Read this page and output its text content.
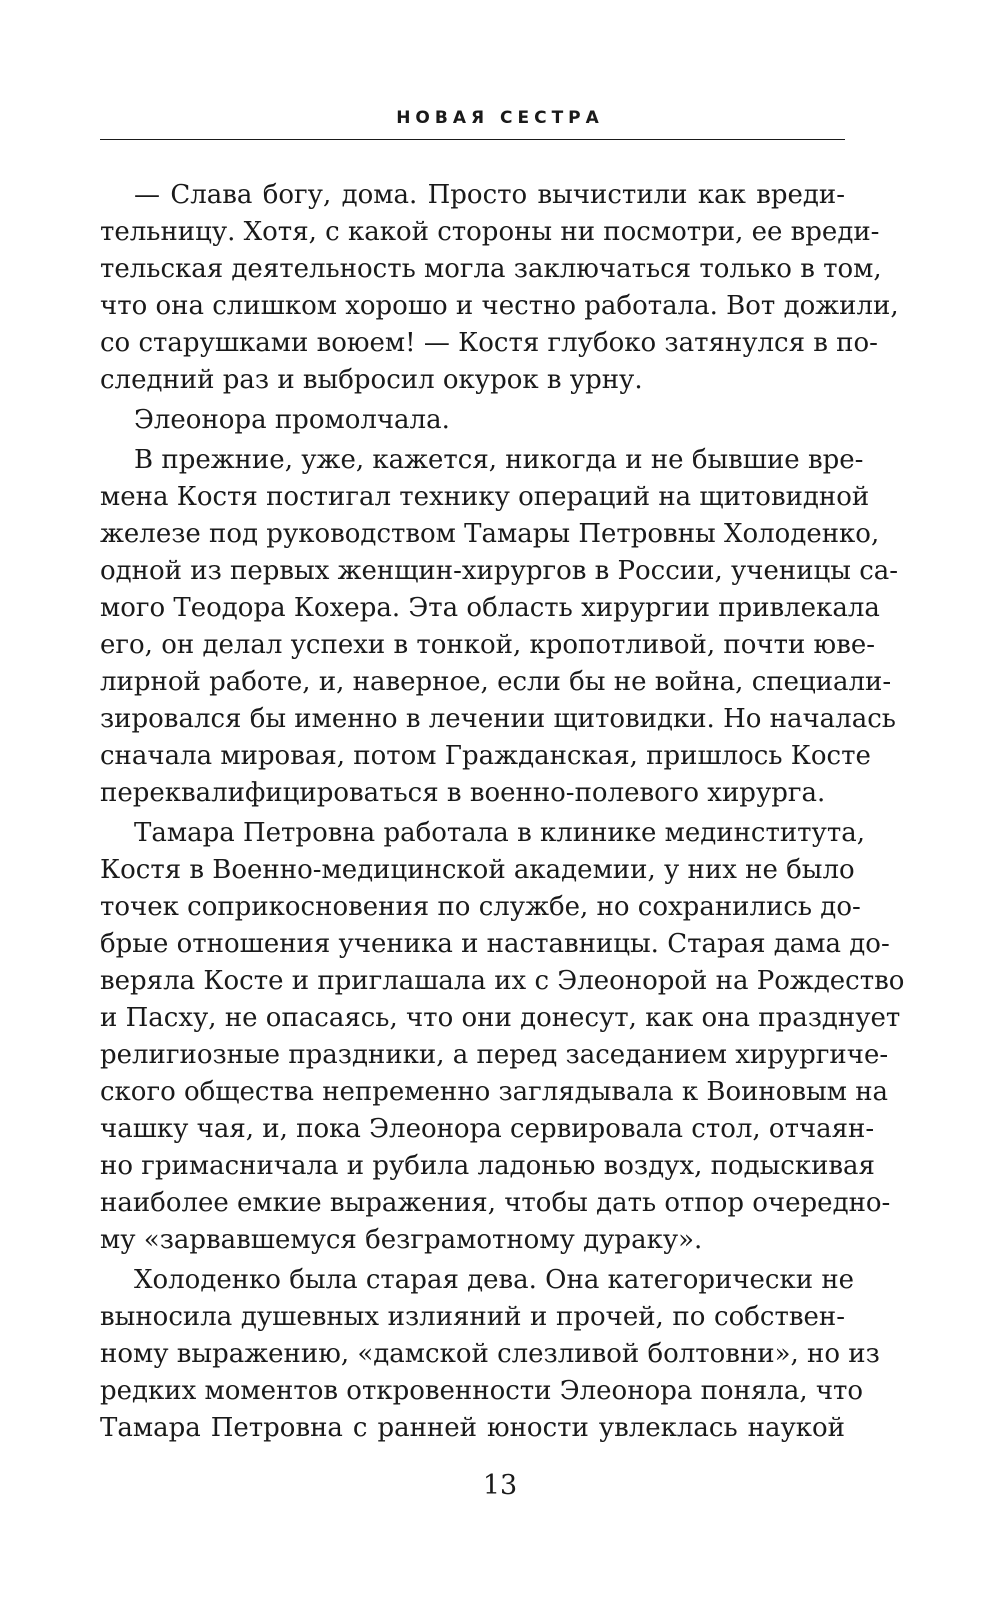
НОВАЯ СЕСТРА
— Слава богу, дома. Просто вычистили как вреди-
тельницу. Хотя, с какой стороны ни посмотри, ее вреди-
тельская деятельность могла заключаться только в том,
что она слишком хорошо и честно работала. Вот дожили,
со старушками воюем! — Костя глубоко затянулся в по-
следний раз и выбросил окурок в урну.
Элеонора промолчала.
В прежние, уже, кажется, никогда и не бывшие вре-
мена Костя постигал технику операций на щитовидной
железе под руководством Тамары Петровны Холоденко,
одной из первых женщин-хирургов в России, ученицы са-
мого Теодора Кохера. Эта область хирургии привлекала
его, он делал успехи в тонкой, кропотливой, почти юве-
лирной работе, и, наверное, если бы не война, специали-
зировался бы именно в лечении щитовидки. Но началась
сначала мировая, потом Гражданская, пришлось Косте
переквалифицироваться в военно-полевого хирурга.
Тамара Петровна работала в клинике мединститута,
Костя в Военно-медицинской академии, у них не было
точек соприкосновения по службе, но сохранились до-
брые отношения ученика и наставницы. Старая дама до-
веряла Косте и приглашала их с Элеонорой на Рождество
и Пасху, не опасаясь, что они донесут, как она празднует
религиозные праздники, а перед заседанием хирургиче-
ского общества непременно заглядывала к Воиновым на
чашку чая, и, пока Элеонора сервировала стол, отчаян-
но гримасничала и рубила ладонью воздух, подыскивая
наиболее емкие выражения, чтобы дать отпор очередно-
му «зарвавшемуся безграмотному дураку».
Холоденко была старая дева. Она категорически не
выносила душевных излияний и прочей, по собствен-
ному выражению, «дамской слезливой болтовни», но из
редких моментов откровенности Элеонора поняла, что
Тамара Петровна с ранней юности увлеклась наукой
13
